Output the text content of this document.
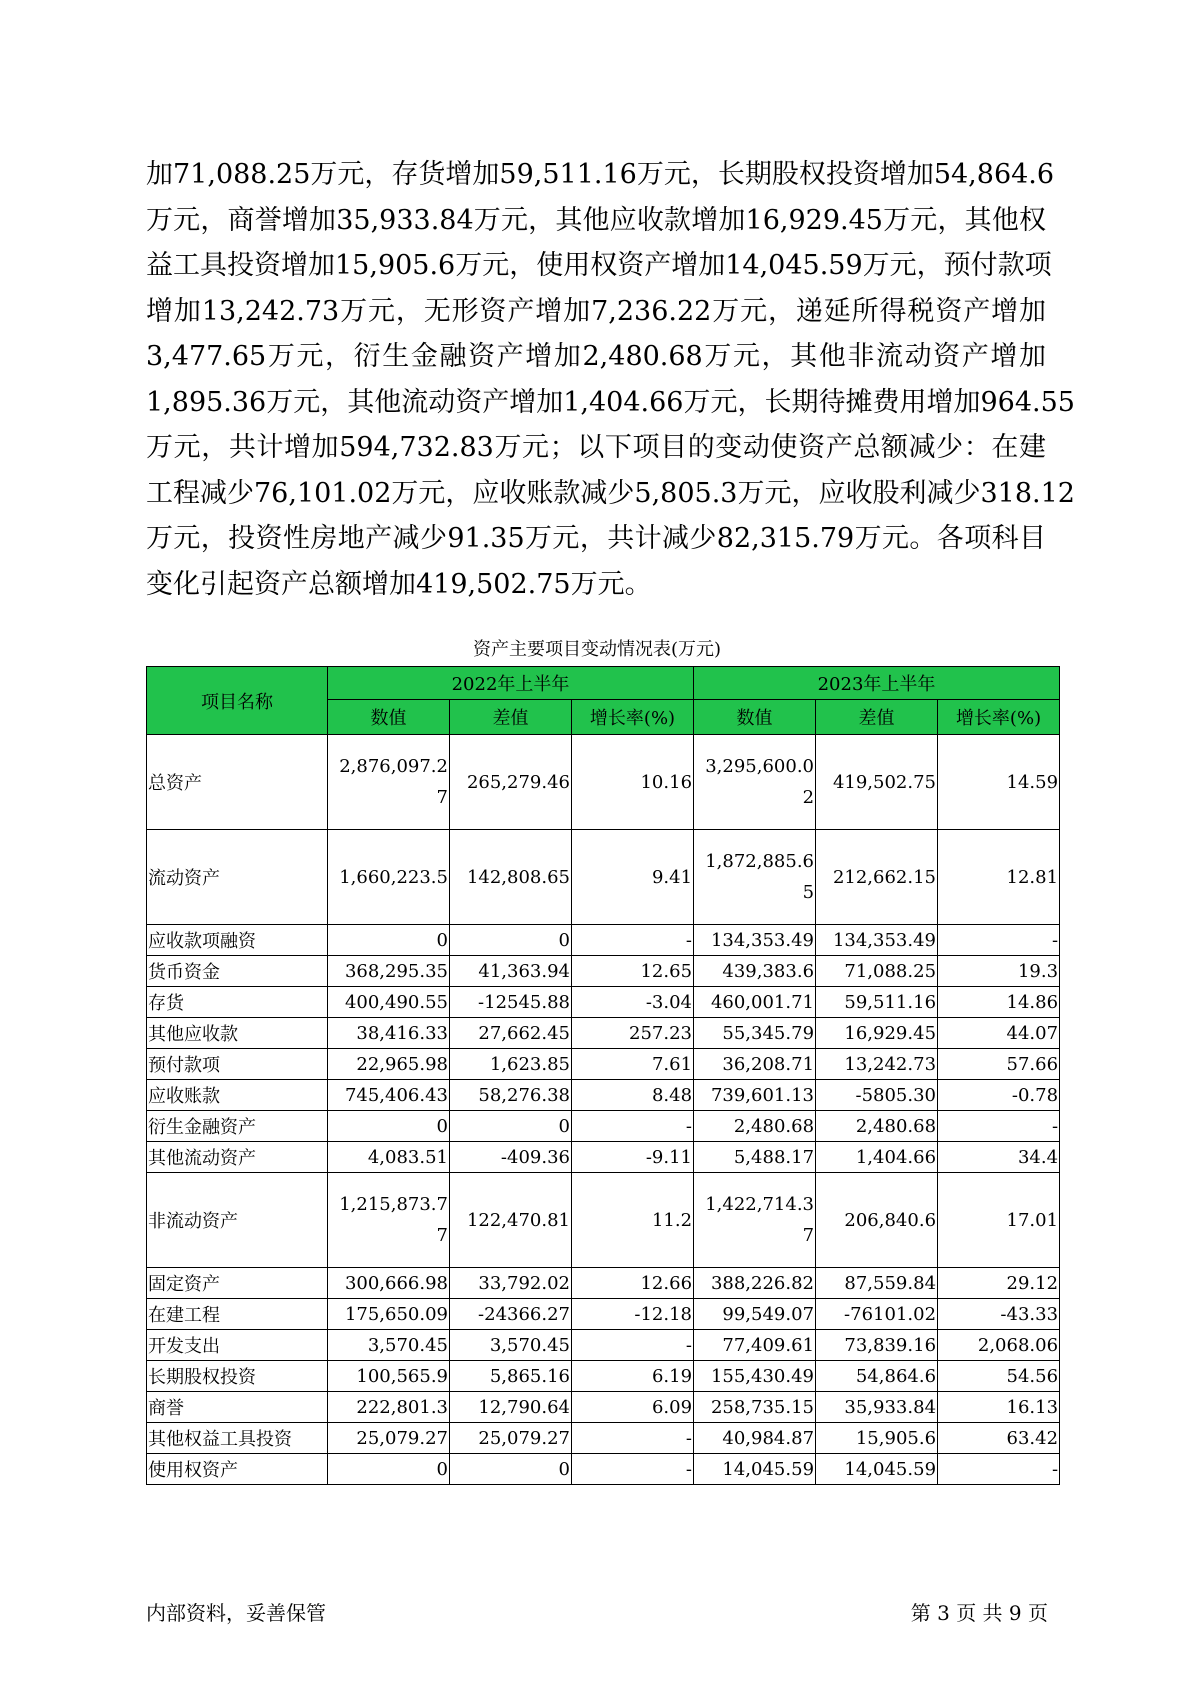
加71,088.25万元，存货增加59,511.16万元，长期股权投资增加54,864.6
万元，商誉增加35,933.84万元，其他应收款增加16,929.45万元，其他权
益工具投资增加15,905.6万元，使用权资产增加14,045.59万元，预付款项
增加13,242.73万元，无形资产增加7,236.22万元，递延所得税资产增加
3,477.65万元，衍生金融资产增加2,480.68万元，其他非流动资产增加
1,895.36万元，其他流动资产增加1,404.66万元，长期待摊费用增加964.55
万元，共计增加594,732.83万元；以下项目的变动使资产总额减少：在建
工程减少76,101.02万元，应收账款减少5,805.3万元，应收股利减少318.12
万元，投资性房地产减少91.35万元，共计减少82,315.79万元。各项科目
变化引起资产总额增加419,502.75万元。

资产主要项目变动情况表(万元)
项目名称	2022年上半年			2023年上半年		
	数值	差值	增长率(%)	数值	差值	增长率(%)
总资产	2,876,097.27	265,279.46	10.16	3,295,600.02	419,502.75	14.59
流动资产	1,660,223.5	142,808.65	9.41	1,872,885.65	212,662.15	12.81
应收款项融资	0	0	-	134,353.49	134,353.49	-
货币资金	368,295.35	41,363.94	12.65	439,383.6	71,088.25	19.3
存货	400,490.55	-12545.88	-3.04	460,001.71	59,511.16	14.86
其他应收款	38,416.33	27,662.45	257.23	55,345.79	16,929.45	44.07
预付款项	22,965.98	1,623.85	7.61	36,208.71	13,242.73	57.66
应收账款	745,406.43	58,276.38	8.48	739,601.13	-5805.30	-0.78
衍生金融资产	0	0	-	2,480.68	2,480.68	-
其他流动资产	4,083.51	-409.36	-9.11	5,488.17	1,404.66	34.4
非流动资产	1,215,873.77	122,470.81	11.2	1,422,714.37	206,840.6	17.01
固定资产	300,666.98	33,792.02	12.66	388,226.82	87,559.84	29.12
在建工程	175,650.09	-24366.27	-12.18	99,549.07	-76101.02	-43.33
开发支出	3,570.45	3,570.45	-	77,409.61	73,839.16	2,068.06
长期股权投资	100,565.9	5,865.16	6.19	155,430.49	54,864.6	54.56
商誉	222,801.3	12,790.64	6.09	258,735.15	35,933.84	16.13
其他权益工具投资	25,079.27	25,079.27	-	40,984.87	15,905.6	63.42
使用权资产	0	0	-	14,045.59	14,045.59	-
内部资料，妥善保管	第 3 页 共 9 页
